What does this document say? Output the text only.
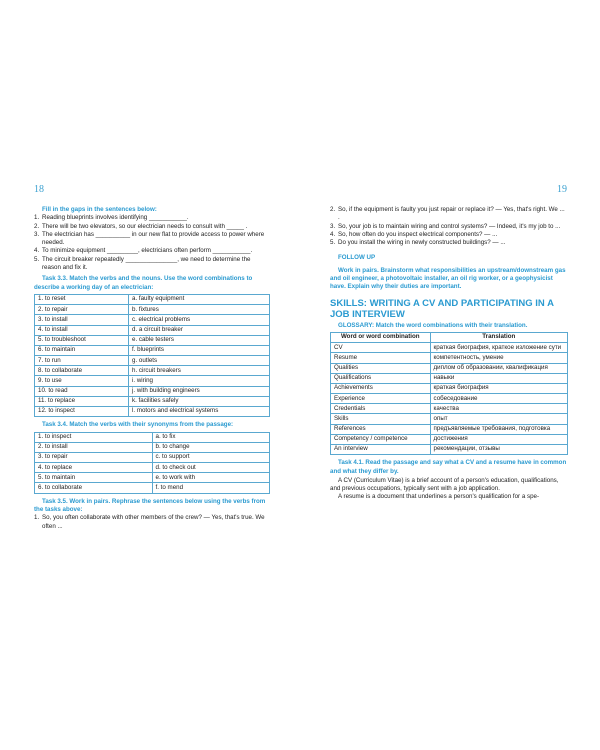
18

Fill in the gaps in the sentences below:

1. Reading blueprints involves identifying ___________.
2. There will be two elevators, so our electrician needs to consult with _____ .
3. The electrician has __________ in our new flat to provide access to power where needed.
4. To minimize equipment _________, electricians often perform ___________.
5. The circuit breaker repeatedly _______________, we need to determine the reason and fix it.

Task 3.3. Match the verbs and the nouns. Use the word combinations to describe a working day of an electrician:

1. to reset	a. faulty equipment
2. to repair	b. fixtures
3. to install	c. electrical problems
4. to install	d. a circuit breaker
5. to troubleshoot	e. cable testers
6. to maintain	f. blueprints
7. to run	g. outlets
8. to collaborate	h. circuit breakers
9. to use	i. wiring
10. to read	j. with building engineers
11. to replace	k. facilities safely
12. to inspect	l. motors and electrical systems

Task 3.4. Match the verbs with their synonyms from the passage:

1. to inspect	a. to fix
2. to install	b. to change
3. to repair	c. to support
4. to replace	d. to check out
5. to maintain	e. to work with
6. to collaborate	f. to mend

Task 3.5. Work in pairs. Rephrase the sentences below using the verbs from the tasks above:

1. So, you often collaborate with other members of the crew? — Yes, that's true. We often ...
19
2. So, if the equipment is faulty you just repair or replace it? — Yes, that's right. We ... .
3. So, your job is to maintain wiring and control systems? — Indeed, it's my job to ...
4. So, how often do you inspect electrical components? — ...
5. Do you install the wiring in newly constructed buildings? — ...

FOLLOW UP

Work in pairs. Brainstorm what responsibilities an upstream/downstream gas and oil engineer, a photovoltaic installer, an oil rig worker, or a geophysicist have. Explain why their duties are important.

SKILLS: WRITING A CV AND PARTICIPATING IN A JOB INTERVIEW

GLOSSARY: Match the word combinations with their translation.

Word or word combination	Translation
CV	краткая биография, краткое изложение сути
Resume	компетентность, умение
Qualities	диплом об образовании, квалификация
Qualifications	навыки
Achievements	краткая биография
Experience	собеседование
Credentials	качества
Skills	опыт
References	предъявляемые требования, подготовка
Competency / competence	достижения
An interview	рекомендации, отзывы

Task 4.1. Read the passage and say what a CV and a resume have in common and what they differ by.

A CV (Curriculum Vitae) is a brief account of a person's education, qualifications, and previous occupations, typically sent with a job application.

A resume is a document that underlines a person's qualification for a spe-
